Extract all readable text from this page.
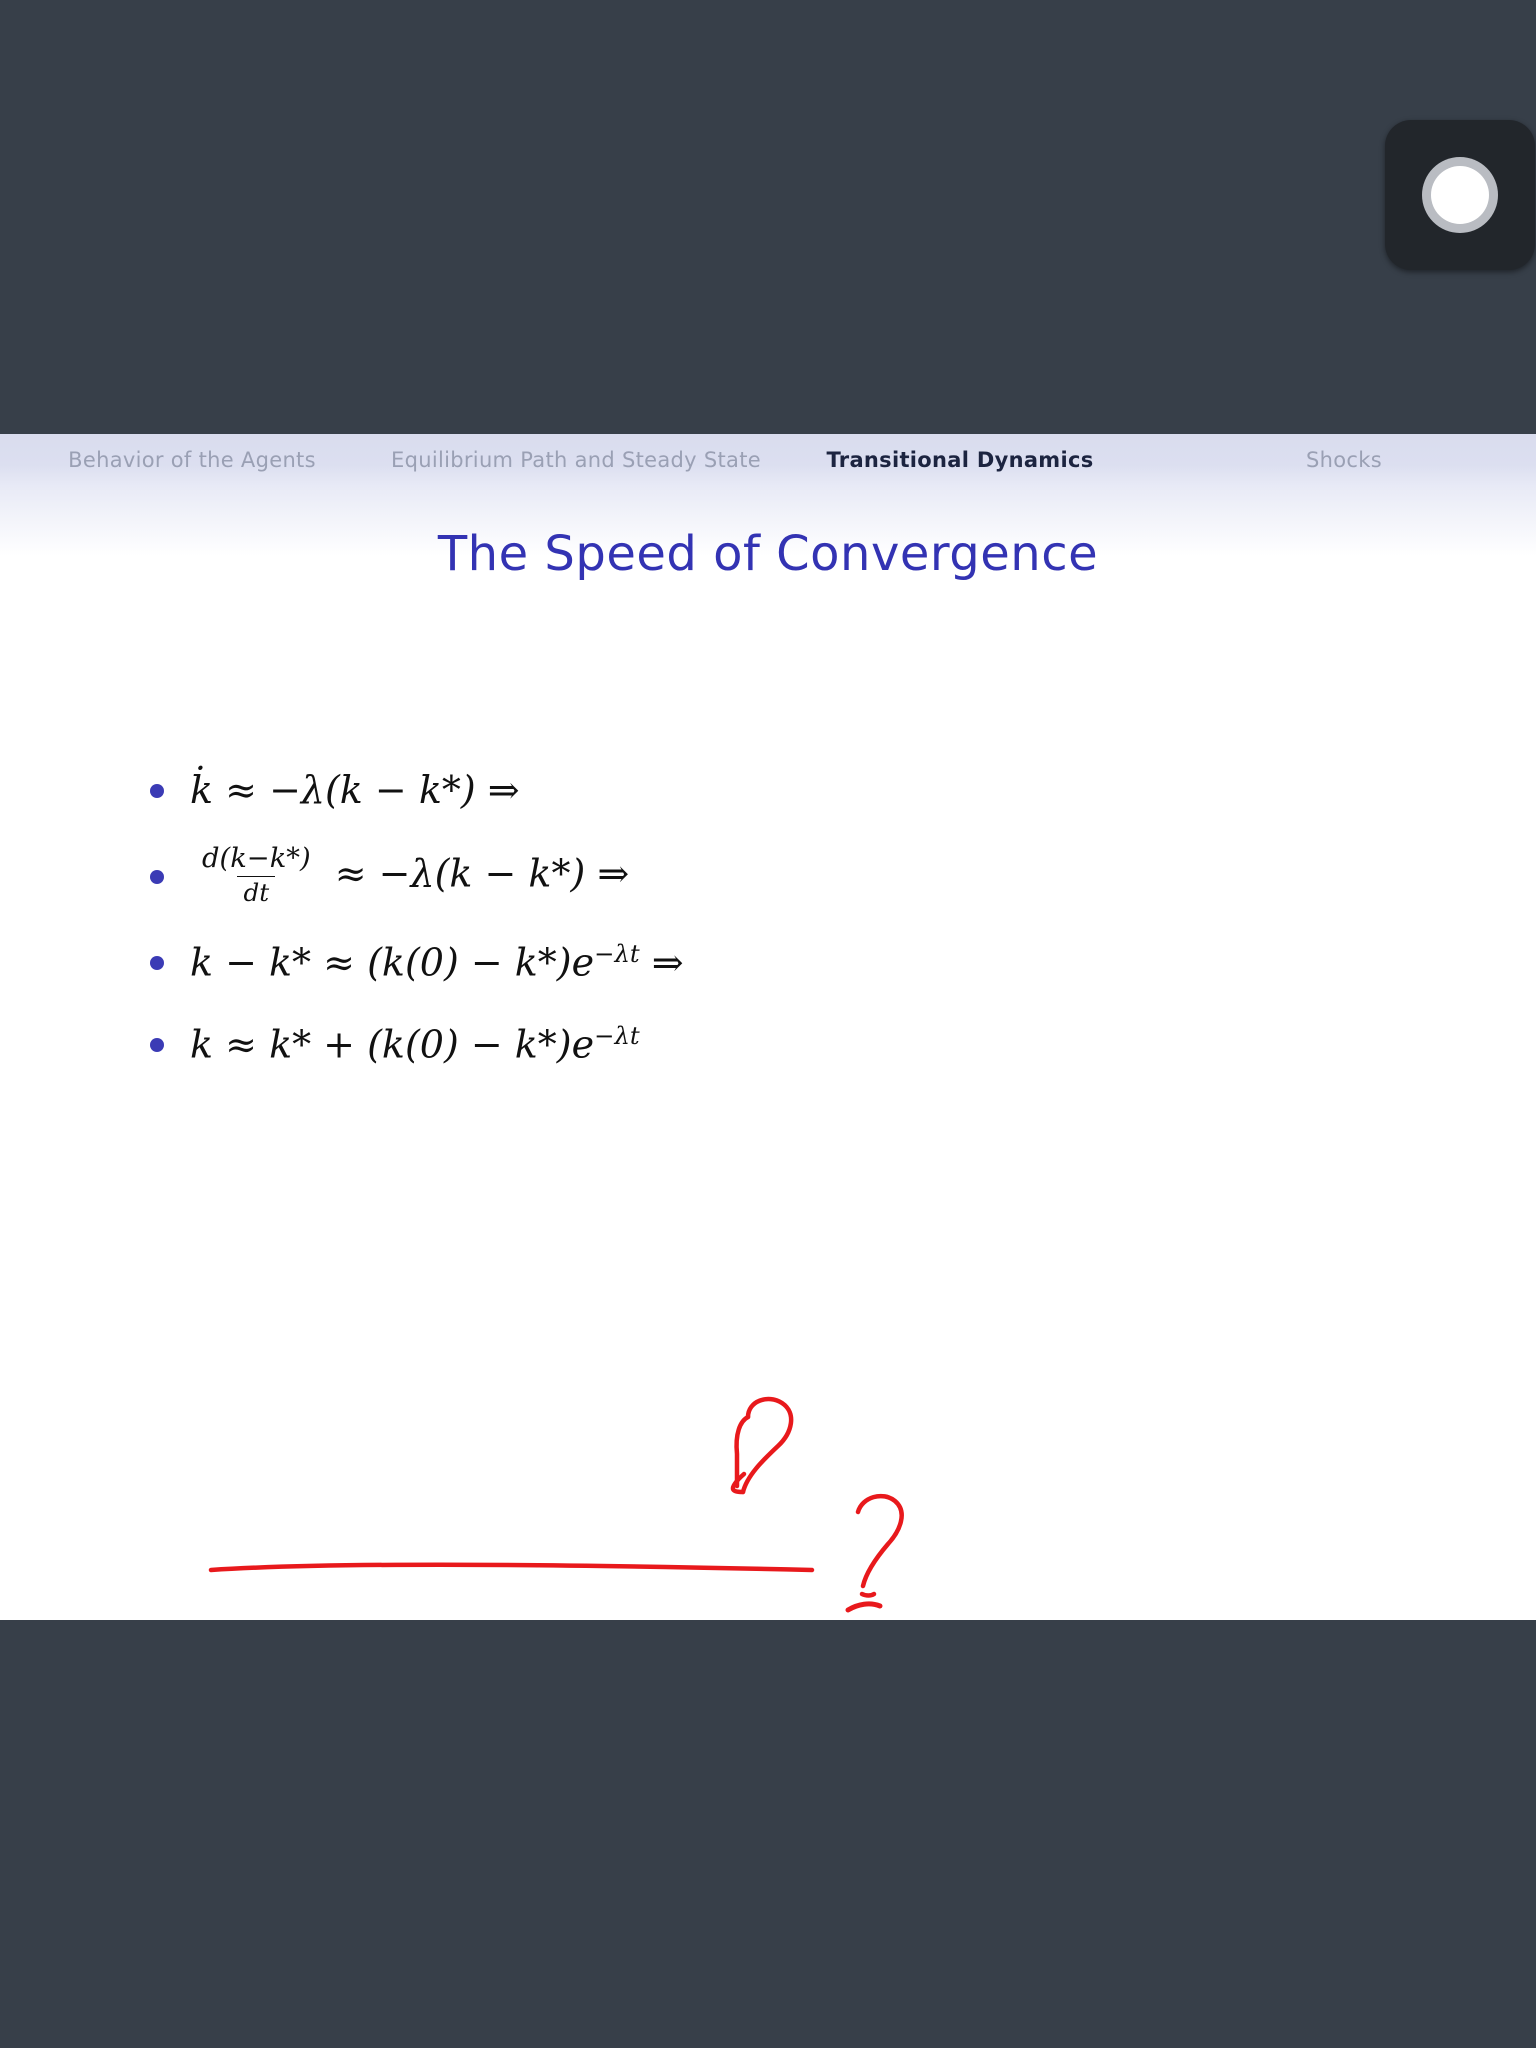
Behavior of the Agents	Equilibrium Path and Steady State	Transitional Dynamics	Shocks
The Speed of Convergence
k̇ ≈ −λ(k − k*) ⇒
$\frac{d(k-k*)}{dt} \approx -\lambda(k - k*)$ ⇒
$k - k* \approx (k(0) - k*)e^{-\lambda t}$ ⇒
$k \approx k* + (k(0) - k*)e^{-\lambda t}$
